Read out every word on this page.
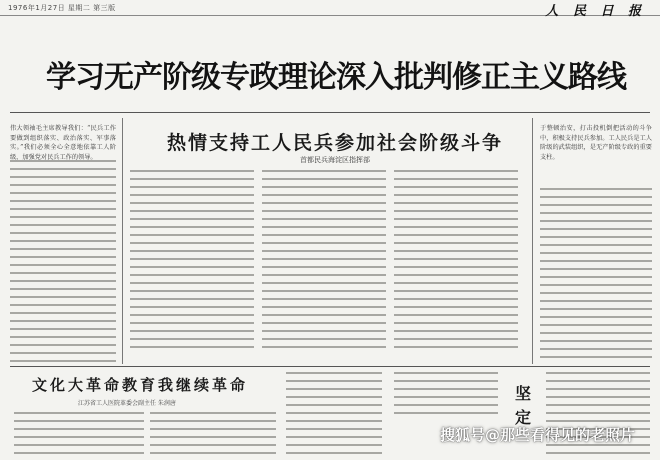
1976年1月27日 星期二 第三版	人 民 日 报
学习无产阶级专政理论深入批判修正主义路线
伟大领袖毛主席教导我们：“民兵工作要做到组织落实、政治落实、军事落实。”我们必须全心全意地依靠工人阶级，加强党对民兵工作的领导。
热情支持工人民兵参加社会阶级斗争
首都民兵海淀区指挥部
于整顿治安，打击投机倒把活动的斗争中，积极支持民兵参加。工人民兵是工人阶级的武装组织，是无产阶级专政的重要支柱。
文化大革命教育我继续革命
江苏省工人医院革委会副主任 朱润唐
坚定
搜狐号@那些看得见的老照片
